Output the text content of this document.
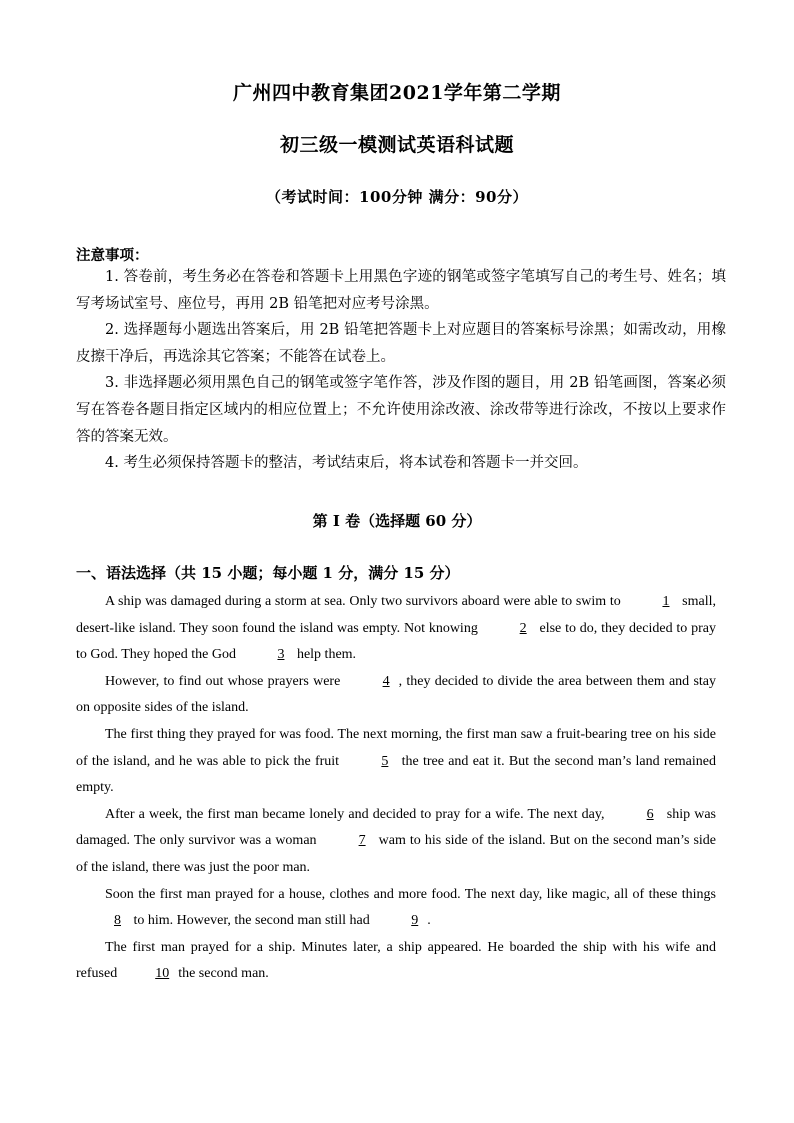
广州四中教育集团2021学年第二学期
初三级一模测试英语科试题
（考试时间：100分钟 满分：90分）
注意事项：

1. 答卷前，考生务必在答卷和答题卡上用黑色字迹的钢笔或签字笔填写自己的考生号、姓名；填写考场试室号、座位号，再用 2B 铅笔把对应考号涂黑。

2. 选择题每小题选出答案后，用 2B 铅笔把答题卡上对应题目的答案标号涂黑；如需改动，用橡皮擦干净后，再选涂其它答案；不能答在试卷上。

3. 非选择题必须用黑色自己的钢笔或签字笔作答，涉及作图的题目，用 2B 铅笔画图，答案必须写在答卷各题目指定区域内的相应位置上；不允许使用涂改液、涂改带等进行涂改，不按以上要求作答的答案无效。

4. 考生必须保持答题卡的整洁，考试结束后，将本试卷和答题卡一并交回。

第 I 卷（选择题 60 分）
一、语法选择（共 15 小题；每小题 1 分，满分 15 分）

A ship was damaged during a storm at sea. Only two survivors aboard were able to swim to	1 small, desert-like island. They soon found the island was empty. Not knowing	2 else to do, they decided to pray to God. They hoped the God	3 help them.

However, to find out whose prayers were	4 , they decided to divide the area between them and stay on opposite sides of the island.

The first thing they prayed for was food. The next morning, the first man saw a fruit-bearing tree on his side of the island, and he was able to pick the fruit	5 the tree and eat it. But the second man’s land remained empty.

After a week, the first man became lonely and decided to pray for a wife. The next day,	6 ship was damaged. The only survivor was a woman	7 wam to his side of the island. But on the second man’s side of the island, there was just the poor man.

Soon the first man prayed for a house, clothes and more food. The next day, like magic, all of these things 8 to him. However, the second man still had	9 .

The first man prayed for a ship. Minutes later, a ship appeared. He boarded the ship with his wife and refused	10 the second man.
